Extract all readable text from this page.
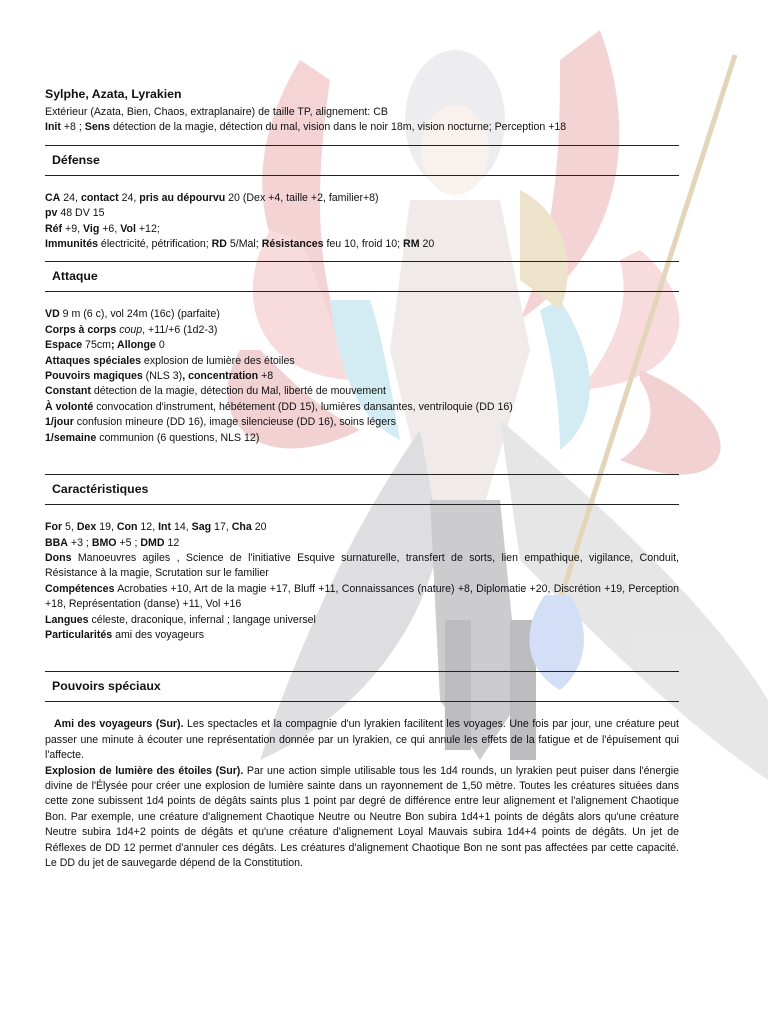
Sylphe, Azata, Lyrakien
Extérieur (Azata, Bien, Chaos, extraplanaire) de taille TP, alignement: CB
Init +8 ; Sens détection de la magie, détection du mal, vision dans le noir 18m, vision nocturne; Perception +18
Défense
CA 24, contact 24, pris au dépourvu 20 (Dex +4, taille +2, familier+8)
pv 48 DV 15
Réf +9, Vig +6, Vol +12;
Immunités électricité, pétrification; RD 5/Mal; Résistances feu 10, froid 10; RM 20
Attaque
VD 9 m (6 c), vol 24m (16c) (parfaite)
Corps à corps coup, +11/+6 (1d2-3)
Espace 75cm; Allonge 0
Attaques spéciales explosion de lumière des étoiles
Pouvoirs magiques (NLS 3), concentration +8
Constant détection de la magie, détection du Mal, liberté de mouvement
À volonté convocation d'instrument, hébétement (DD 15), lumières dansantes, ventriloquie (DD 16)
1/jour confusion mineure (DD 16), image silencieuse (DD 16), soins légers
1/semaine communion (6 questions, NLS 12)
Caractéristiques
For 5, Dex 19, Con 12, Int 14, Sag 17, Cha 20
BBA +3 ; BMO +5 ; DMD 12
Dons Manoeuvres agiles , Science de l'initiative Esquive surnaturelle, transfert de sorts, lien empathique, vigilance, Conduit, Résistance à la magie, Scrutation sur le familier
Compétences Acrobaties +10, Art de la magie +17, Bluff +11, Connaissances (nature) +8, Diplomatie +20, Discrétion +19, Perception +18, Représentation (danse) +11, Vol +16
Langues céleste, draconique, infernal ; langage universel
Particularités ami des voyageurs
Pouvoirs spéciaux
Ami des voyageurs (Sur). Les spectacles et la compagnie d'un lyrakien facilitent les voyages. Une fois par jour, une créature peut passer une minute à écouter une représentation donnée par un lyrakien, ce qui annule les effets de la fatigue et de l'épuisement qui l'affecte.
Explosion de lumière des étoiles (Sur). Par une action simple utilisable tous les 1d4 rounds, un lyrakien peut puiser dans l'énergie divine de l'Élysée pour créer une explosion de lumière sainte dans un rayonnement de 1,50 mètre. Toutes les créatures situées dans cette zone subissent 1d4 points de dégâts saints plus 1 point par degré de différence entre leur alignement et l'alignement Chaotique Bon. Par exemple, une créature d'alignement Chaotique Neutre ou Neutre Bon subira 1d4+1 points de dégâts alors qu'une créature Neutre subira 1d4+2 points de dégâts et qu'une créature d'alignement Loyal Mauvais subira 1d4+4 points de dégâts. Un jet de Réflexes de DD 12 permet d'annuler ces dégâts. Les créatures d'alignement Chaotique Bon ne sont pas affectées par cette capacité. Le DD du jet de sauvegarde dépend de la Constitution.
